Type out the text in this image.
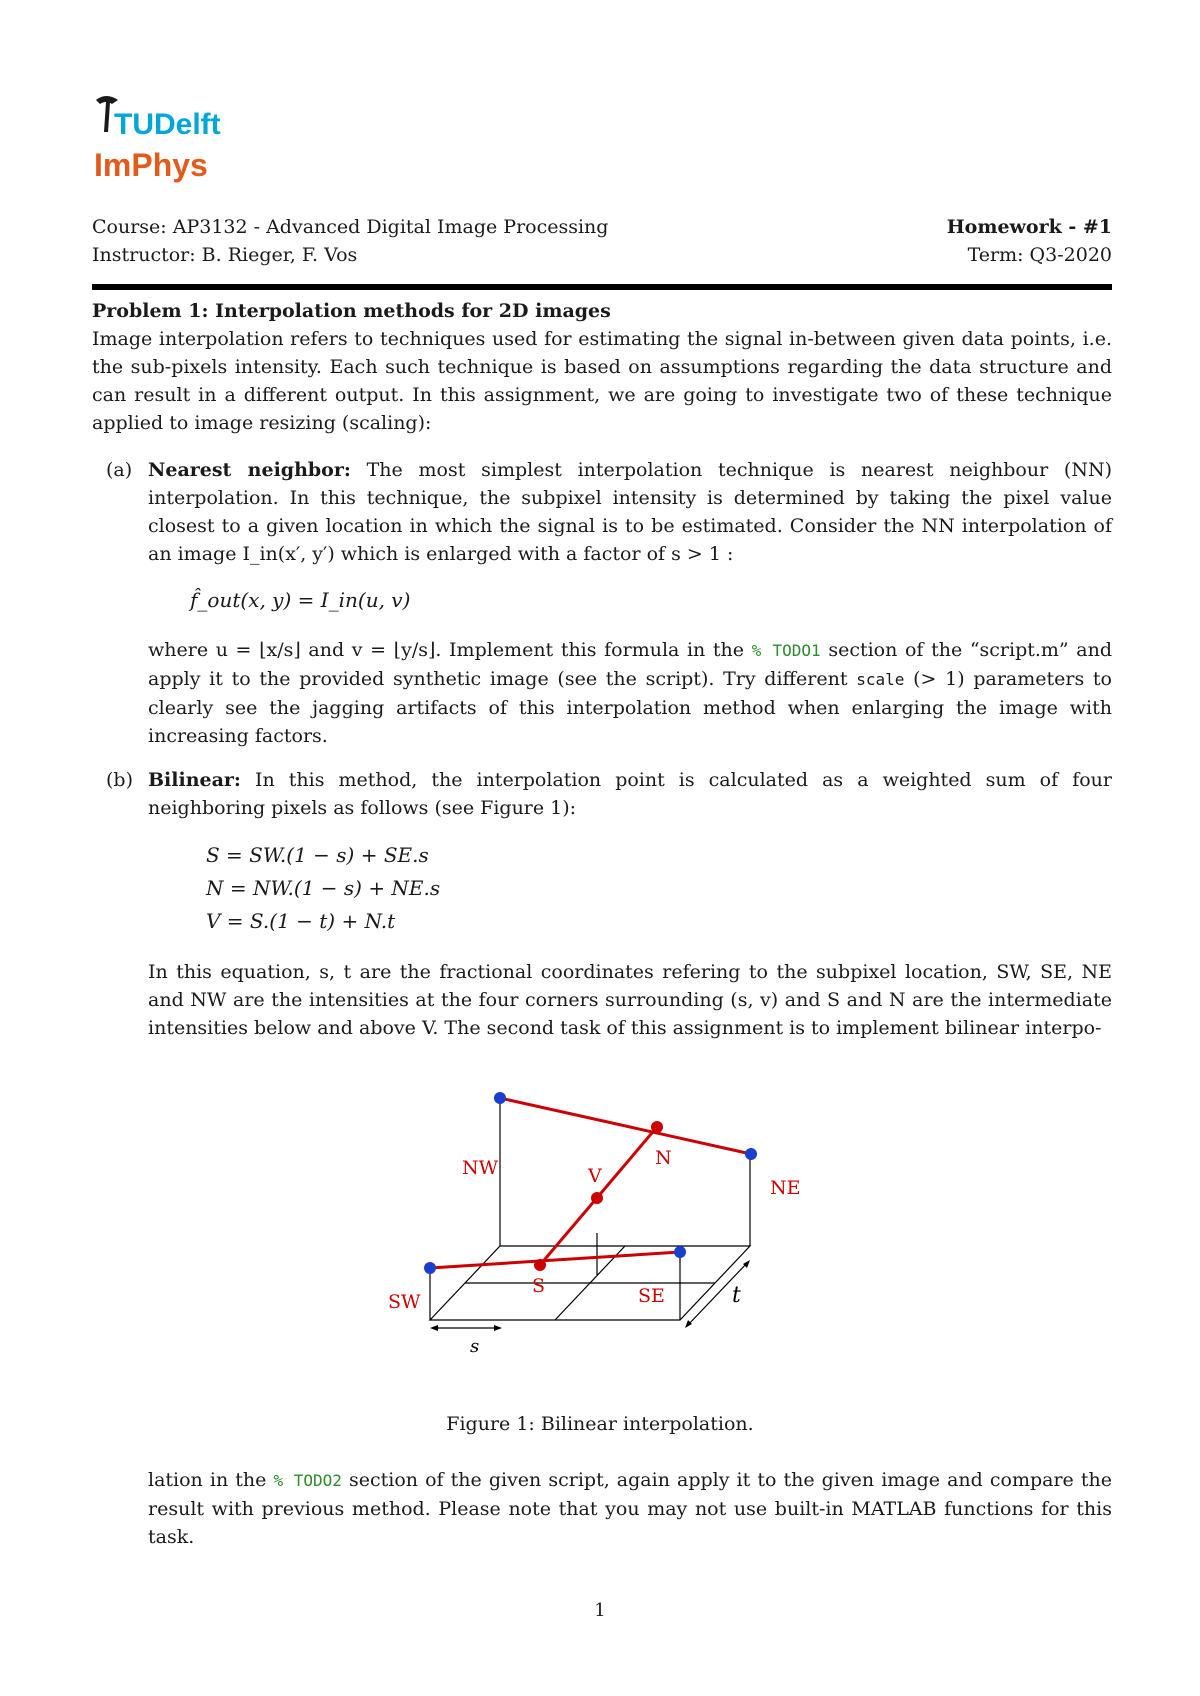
TUDelft
ImPhys
Course: AP3132 - Advanced Digital Image Processing	Homework - #1
Instructor: B. Rieger, F. Vos	Term: Q3-2020
Problem 1: Interpolation methods for 2D images
Image interpolation refers to techniques used for estimating the signal in-between given data points, i.e. the sub-pixels intensity. Each such technique is based on assumptions regarding the data structure and can result in a different output. In this assignment, we are going to investigate two of these technique applied to image resizing (scaling):
(a) Nearest neighbor: The most simplest interpolation technique is nearest neighbour (NN) interpolation. In this technique, the subpixel intensity is determined by taking the pixel value closest to a given location in which the signal is to be estimated. Consider the NN interpolation of an image I_in(x′, y′) which is enlarged with a factor of s > 1 :
f̂_out(x, y) = I_in(u, v)
where u = ⌊x/s⌋ and v = ⌊y/s⌋. Implement this formula in the % TODO1 section of the “script.m” and apply it to the provided synthetic image (see the script). Try different scale (> 1) parameters to clearly see the jagging artifacts of this interpolation method when enlarging the image with increasing factors.
(b) Bilinear: In this method, the interpolation point is calculated as a weighted sum of four neighboring pixels as follows (see Figure 1):
S = SW.(1 − s) + SE.s
N = NW.(1 − s) + NE.s
V = S.(1 − t) + N.t
In this equation, s, t are the fractional coordinates refering to the subpixel location, SW, SE, NE and NW are the intensities at the four corners surrounding (s, v) and S and N are the intermediate intensities below and above V. The second task of this assignment is to implement bilinear interpo-
NW
NE
SW	SE
N
S
V
s
t
Figure 1: Bilinear interpolation.
lation in the % TODO2 section of the given script, again apply it to the given image and compare the result with previous method. Please note that you may not use built-in MATLAB functions for this task.
1
